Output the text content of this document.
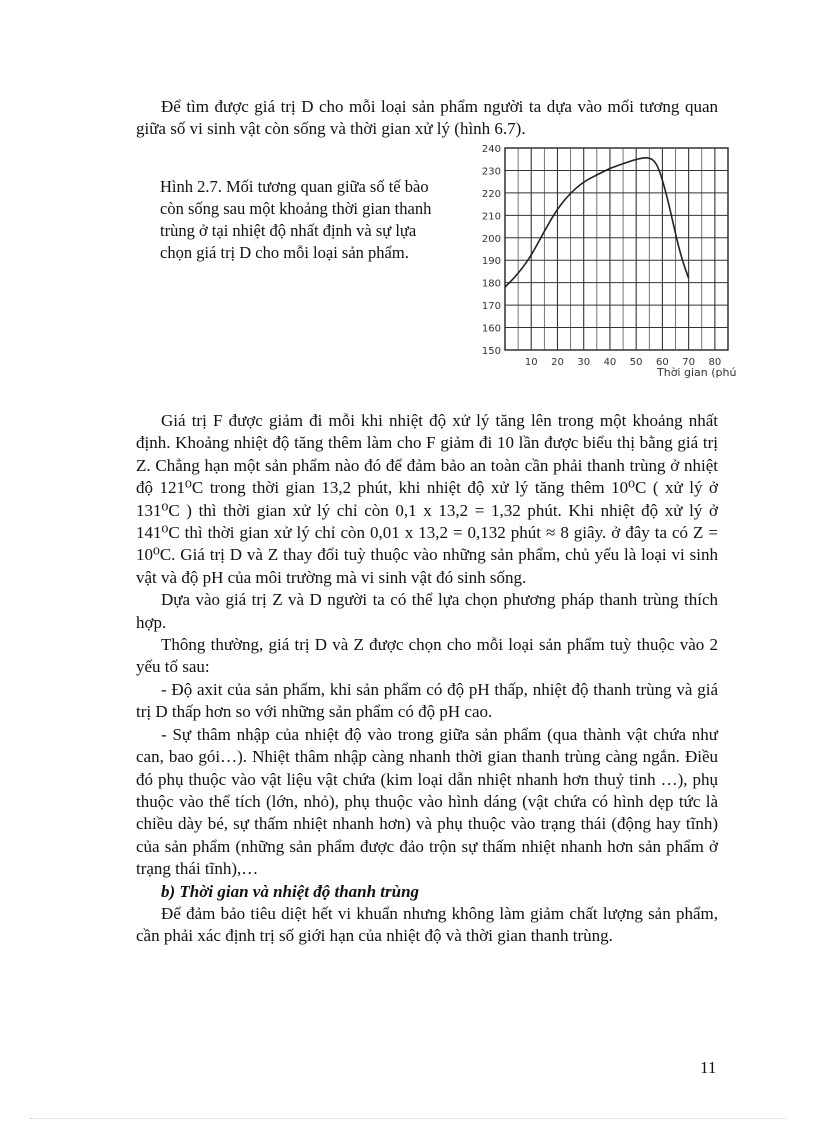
Để tìm được giá trị D cho mỗi loại sản phẩm người ta dựa vào mối tương quan giữa số vi sinh vật còn sống và thời gian xử lý (hình 6.7).

Hình 2.7. Mối tương quan giữa số tế bào còn sống sau một khoảng thời gian thanh trùng ở tại nhiệt độ nhất định và sự lựa chọn giá trị D cho mỗi loại sản phẩm.
150
160
170
180
190
200
210
220
230
240
10 20 30 40 50 60 70 80
Thời gian (phú

Giá trị F được giảm đi mỗi khi nhiệt độ xử lý tăng lên trong một khoảng nhất định. Khoảng nhiệt độ tăng thêm làm cho F giảm đi 10 lần được biểu thị bằng giá trị Z. Chẳng hạn một sản phẩm nào đó để đảm bảo an toàn cần phải thanh trùng ở nhiệt độ 121⁰C trong thời gian 13,2 phút, khi nhiệt độ xử lý tăng thêm 10⁰C ( xử lý ở 131⁰C ) thì thời gian xử lý chỉ còn 0,1 x 13,2 = 1,32 phút. Khi nhiệt độ xử lý ở 141⁰C thì thời gian xử lý chỉ còn 0,01 x 13,2 = 0,132 phút ≈ 8 giây. ở đây ta có Z = 10⁰C. Giá trị D và Z thay đổi tuỳ thuộc vào những sản phẩm, chủ yếu là loại vi sinh vật và độ pH của môi trường mà vi sinh vật đó sinh sống.

Dựa vào giá trị Z và D người ta có thể lựa chọn phương pháp thanh trùng thích hợp.

Thông thường, giá trị D và Z được chọn cho mỗi loại sản phẩm tuỳ thuộc vào 2 yếu tố sau:

- Độ axit của sản phẩm, khi sản phẩm có độ pH thấp, nhiệt độ thanh trùng và giá trị D thấp hơn so với những sản phẩm có độ pH cao.

- Sự thâm nhập của nhiệt độ vào trong giữa sản phẩm (qua thành vật chứa như can, bao gói…). Nhiệt thâm nhập càng nhanh thời gian thanh trùng càng ngắn. Điều đó phụ thuộc vào vật liệu vật chứa (kim loại dẫn nhiệt nhanh hơn thuỷ tinh …), phụ thuộc vào thể tích (lớn, nhỏ), phụ thuộc vào hình dáng (vật chứa có hình dẹp tức là chiều dày bé, sự thấm nhiệt nhanh hơn) và phụ thuộc vào trạng thái (động hay tĩnh) của sản phẩm (những sản phẩm được đảo trộn sự thấm nhiệt nhanh hơn sản phẩm ở trạng thái tĩnh),…

b) Thời gian và nhiệt độ thanh trùng

Để đảm bảo tiêu diệt hết vi khuẩn nhưng không làm giảm chất lượng sản phẩm, cần phải xác định trị số giới hạn của nhiệt độ và thời gian thanh trùng.

11
